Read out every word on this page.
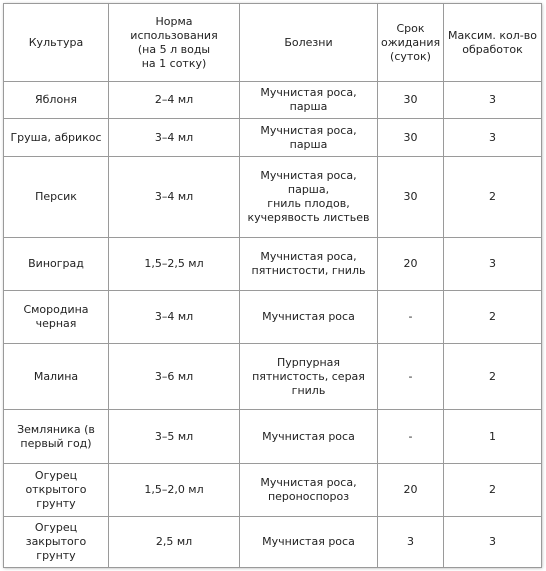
Культура	Норма использования
(на 5 л воды
на 1 сотку)	Болезни	Срок
ожидания
(суток)	Максим. кол-во
обработок

Яблоня	2–4 мл	Мучнистая роса, парша	30	3

Груша, абрикос	3–4 мл	Мучнистая роса, парша	30	3

Персик	3–4 мл	Мучнистая роса,
парша,
гниль плодов,
кучерявость листьев	30	2

Виноград	1,5–2,5 мл	Мучнистая роса,
пятнистости, гниль	20	3

Смородина
черная	3–4 мл	Мучнистая роса	-	2

Малина	3–6 мл	Пурпурная
пятнистость, серая
гниль	-	2

Земляника (в
первый год)	3–5 мл	Мучнистая роса	-	1

Огурец открытого
грунту	1,5–2,0 мл	Мучнистая роса,
пероноспороз	20	2

Огурец закрытого
грунту	2,5 мл	Мучнистая роса	3	3
